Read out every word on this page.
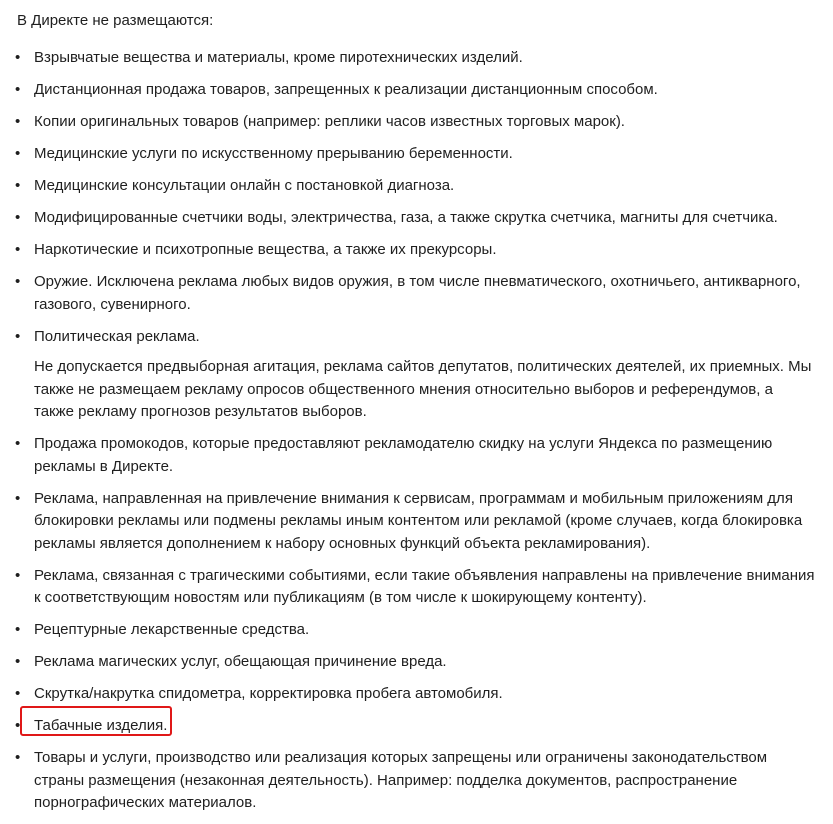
В Директе не размещаются:

• Взрывчатые вещества и материалы, кроме пиротехнических изделий.
• Дистанционная продажа товаров, запрещенных к реализации дистанционным способом.
• Копии оригинальных товаров (например: реплики часов известных торговых марок).
• Медицинские услуги по искусственному прерыванию беременности.
• Медицинские консультации онлайн с постановкой диагноза.
• Модифицированные счетчики воды, электричества, газа, а также скрутка счетчика, магниты для счетчика.
• Наркотические и психотропные вещества, а также их прекурсоры.
• Оружие. Исключена реклама любых видов оружия, в том числе пневматического, охотничьего, антикварного, газового, сувенирного.
• Политическая реклама.
Не допускается предвыборная агитация, реклама сайтов депутатов, политических деятелей, их приемных. Мы также не размещаем рекламу опросов общественного мнения относительно выборов и референдумов, а также рекламу прогнозов результатов выборов.
• Продажа промокодов, которые предоставляют рекламодателю скидку на услуги Яндекса по размещению рекламы в Директе.
• Реклама, направленная на привлечение внимания к сервисам, программам и мобильным приложениям для блокировки рекламы или подмены рекламы иным контентом или рекламой (кроме случаев, когда блокировка рекламы является дополнением к набору основных функций объекта рекламирования).
• Реклама, связанная с трагическими событиями, если такие объявления направлены на привлечение внимания к соответствующим новостям или публикациям (в том числе к шокирующему контенту).
• Рецептурные лекарственные средства.
• Реклама магических услуг, обещающая причинение вреда.
• Скрутка/накрутка спидометра, корректировка пробега автомобиля.
• Табачные изделия.
• Товары и услуги, производство или реализация которых запрещены или ограничены законодательством страны размещения (незаконная деятельность). Например: подделка документов, распространение порнографических материалов.
